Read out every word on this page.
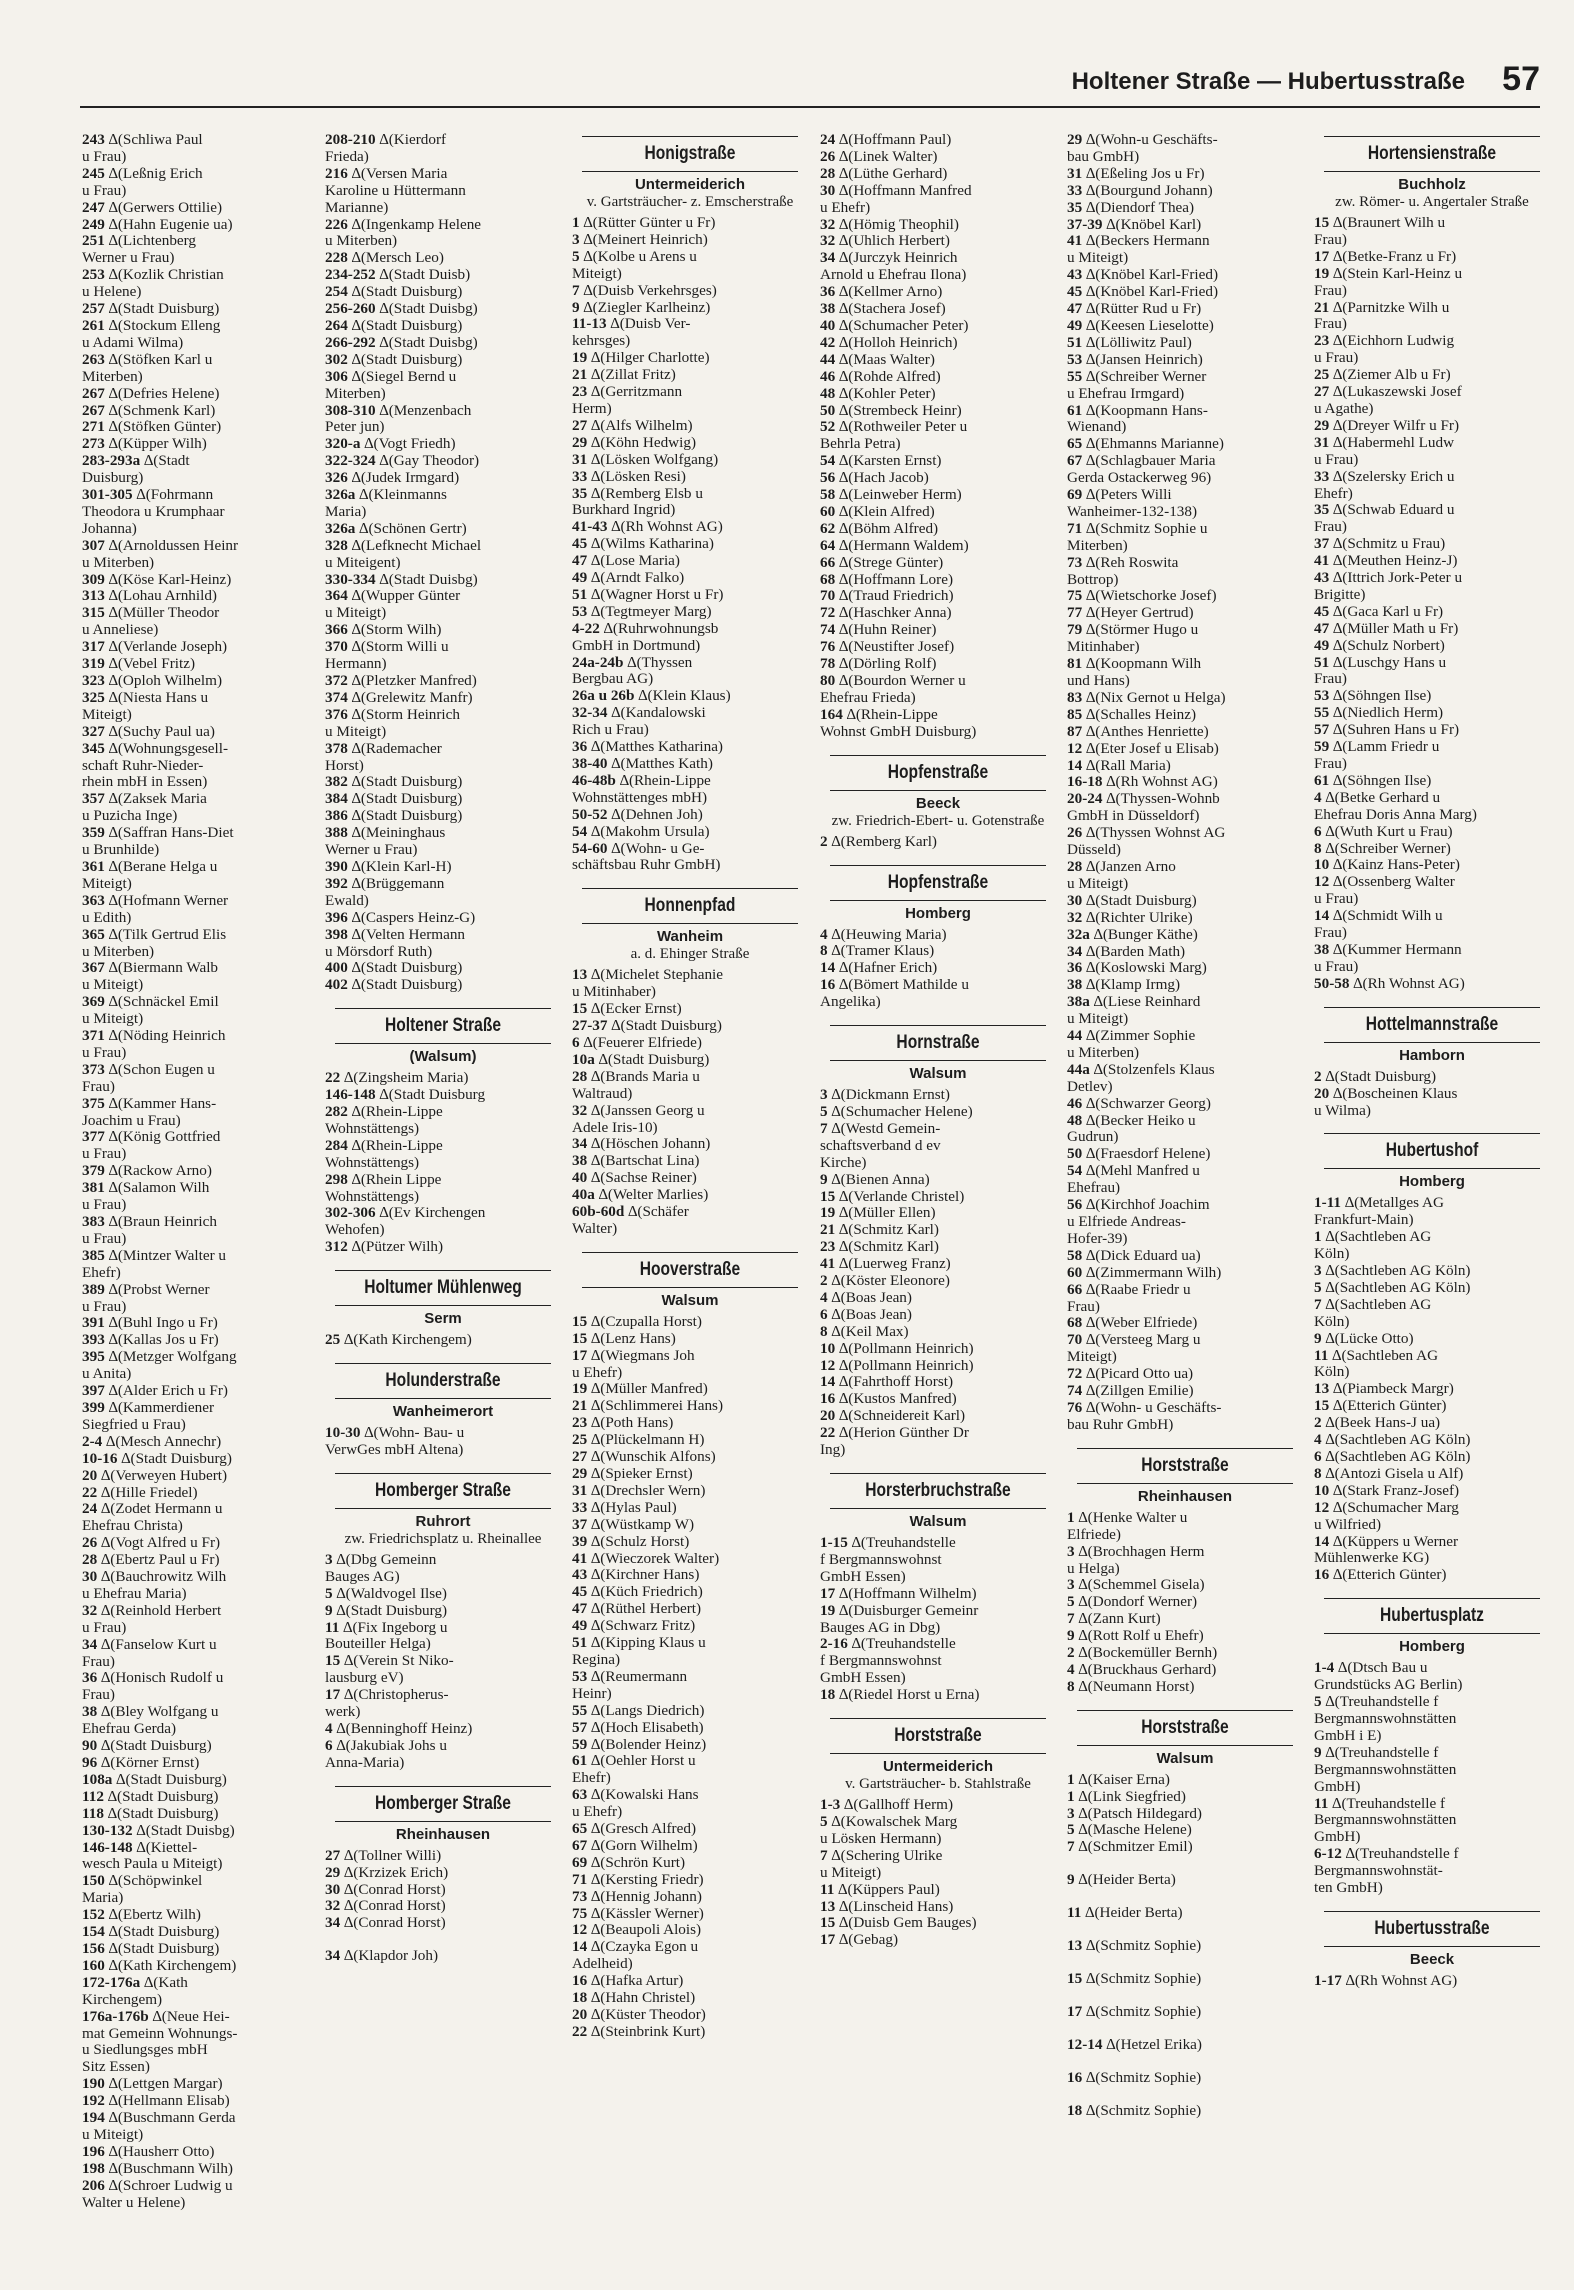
Holtener Straße — Hubertusstraße 57
243 ∆(Schliwa Paul
u Frau)
245 ∆(Leßnig Erich
u Frau)
247 ∆(Gerwers Ottilie)
249 ∆(Hahn Eugenie ua)
251 ∆(Lichtenberg
Werner u Frau)
253 ∆(Kozlik Christian
u Helene)
257 ∆(Stadt Duisburg)
261 ∆(Stockum Elleng
u Adami Wilma)
263 ∆(Stöfken Karl u
Miterben)
267 ∆(Defries Helene)
267 ∆(Schmenk Karl)
271 ∆(Stöfken Günter)
273 ∆(Küpper Wilh)
283-293a ∆(Stadt
Duisburg)
301-305 ∆(Fohrmann
Theodora u Krumphaar
Johanna)
307 ∆(Arnoldussen Heinr
u Miterben)
309 ∆(Köse Karl-Heinz)
313 ∆(Lohau Arnhild)
315 ∆(Müller Theodor
u Anneliese)
317 ∆(Verlande Joseph)
319 ∆(Vebel Fritz)
323 ∆(Oploh Wilhelm)
325 ∆(Niesta Hans u
Miteigt)
327 ∆(Suchy Paul ua)
345 ∆(Wohnungsgesell-
schaft Ruhr-Nieder-
rhein mbH in Essen)
357 ∆(Zaksek Maria
u Puzicha Inge)
359 ∆(Saffran Hans-Diet
u Brunhilde)
361 ∆(Berane Helga u
Miteigt)
363 ∆(Hofmann Werner
u Edith)
365 ∆(Tilk Gertrud Elis
u Miterben)
367 ∆(Biermann Walb
u Miteigt)
369 ∆(Schnäckel Emil
u Miteigt)
371 ∆(Nöding Heinrich
u Frau)
373 ∆(Schon Eugen u
Frau)
375 ∆(Kammer Hans-
Joachim u Frau)
377 ∆(König Gottfried
u Frau)
379 ∆(Rackow Arno)
381 ∆(Salamon Wilh
u Frau)
383 ∆(Braun Heinrich
u Frau)
385 ∆(Mintzer Walter u
Ehefr)
389 ∆(Probst Werner
u Frau)
391 ∆(Buhl Ingo u Fr)
393 ∆(Kallas Jos u Fr)
395 ∆(Metzger Wolfgang
u Anita)
397 ∆(Alder Erich u Fr)
399 ∆(Kammerdiener
Siegfried u Frau)
2-4 ∆(Mesch Annechr)
10-16 ∆(Stadt Duisburg)
20 ∆(Verweyen Hubert)
22 ∆(Hille Friedel)
24 ∆(Zodet Hermann u
Ehefrau Christa)
26 ∆(Vogt Alfred u Fr)
28 ∆(Ebertz Paul u Fr)
30 ∆(Bauchrowitz Wilh
u Ehefrau Maria)
32 ∆(Reinhold Herbert
u Frau)
34 ∆(Fanselow Kurt u
Frau)
36 ∆(Honisch Rudolf u
Frau)
38 ∆(Bley Wolfgang u
Ehefrau Gerda)
90 ∆(Stadt Duisburg)
96 ∆(Körner Ernst)
108a ∆(Stadt Duisburg)
112 ∆(Stadt Duisburg)
118 ∆(Stadt Duisburg)
130-132 ∆(Stadt Duisbg)
146-148 ∆(Kiettel-
wesch Paula u Miteigt)
150 ∆(Schöpwinkel
Maria)
152 ∆(Ebertz Wilh)
154 ∆(Stadt Duisburg)
156 ∆(Stadt Duisburg)
160 ∆(Kath Kirchengem)
172-176a ∆(Kath
Kirchengem)
176a-176b ∆(Neue Hei-
mat Gemeinn Wohnungs-
u Siedlungsges mbH
Sitz Essen)
190 ∆(Lettgen Margar)
192 ∆(Hellmann Elisab)
194 ∆(Buschmann Gerda
u Miteigt)
196 ∆(Hausherr Otto)
198 ∆(Buschmann Wilh)
206 ∆(Schroer Ludwig u
Walter u Helene)
208-210 ∆(Kierdorf
Frieda)
216 ∆(Versen Maria
Karoline u Hüttermann
Marianne)
226 ∆(Ingenkamp Helene
u Miterben)
228 ∆(Mersch Leo)
234-252 ∆(Stadt Duisb)
254 ∆(Stadt Duisburg)
256-260 ∆(Stadt Duisbg)
264 ∆(Stadt Duisburg)
266-292 ∆(Stadt Duisbg)
302 ∆(Stadt Duisburg)
306 ∆(Siegel Bernd u
Miterben)
308-310 ∆(Menzenbach
Peter jun)
320-a ∆(Vogt Friedh)
322-324 ∆(Gay Theodor)
326 ∆(Judek Irmgard)
326a ∆(Kleinmanns
Maria)
326a ∆(Schönen Gertr)
328 ∆(Lefknecht Michael
u Miteigent)
330-334 ∆(Stadt Duisbg)
364 ∆(Wupper Günter
u Miteigt)
366 ∆(Storm Wilh)
370 ∆(Storm Willi u
Hermann)
372 ∆(Pletzker Manfred)
374 ∆(Grelewitz Manfr)
376 ∆(Storm Heinrich
u Miteigt)
378 ∆(Rademacher
Horst)
382 ∆(Stadt Duisburg)
384 ∆(Stadt Duisburg)
386 ∆(Stadt Duisburg)
388 ∆(Meininghaus
Werner u Frau)
390 ∆(Klein Karl-H)
392 ∆(Brüggemann
Ewald)
396 ∆(Caspers Heinz-G)
398 ∆(Velten Hermann
u Mörsdorf Ruth)
400 ∆(Stadt Duisburg)
402 ∆(Stadt Duisburg)
Holtener Straße
(Walsum)
22 ∆(Zingsheim Maria)
146-148 ∆(Stadt Duisburg
282 ∆(Rhein-Lippe
Wohnstättengs)
284 ∆(Rhein-Lippe
Wohnstättengs)
298 ∆(Rhein Lippe
Wohnstättengs)
302-306 ∆(Ev Kirchengen
Wehofen)
312 ∆(Pützer Wilh)
Holtumer Mühlenweg
Serm
25 ∆(Kath Kirchengem)
Holunderstraße
Wanheimerort
10-30 ∆(Wohn- Bau- u
VerwGes mbH Altena)
Homberger Straße
Ruhrort
zw. Friedrichsplatz u. Rheinallee
3 ∆(Dbg Gemeinn
Bauges AG)
5 ∆(Waldvogel Ilse)
9 ∆(Stadt Duisburg)
11 ∆(Fix Ingeborg u
Bouteiller Helga)
15 ∆(Verein St Niko-
lausburg eV)
17 ∆(Christopherus-
werk)
4 ∆(Benninghoff Heinz)
6 ∆(Jakubiak Johs u
Anna-Maria)
Homberger Straße
Rheinhausen
27 ∆(Tollner Willi)
29 ∆(Krzizek Erich)
30 ∆(Conrad Horst)
32 ∆(Conrad Horst)
34 ∆(Conrad Horst)
34 ∆(Klapdor Joh)
Honigstraße
Untermeiderich
v. Gartsträucher- z. Emscherstraße
1 ∆(Rütter Günter u Fr)
3 ∆(Meinert Heinrich)
5 ∆(Kolbe u Arens u
Miteigt)
7 ∆(Duisb Verkehrsges)
9 ∆(Ziegler Karlheinz)
11-13 ∆(Duisb Ver-
kehrsges)
19 ∆(Hilger Charlotte)
21 ∆(Zillat Fritz)
23 ∆(Gerritzmann
Herm)
27 ∆(Alfs Wilhelm)
29 ∆(Köhn Hedwig)
31 ∆(Lösken Wolfgang)
33 ∆(Lösken Resi)
35 ∆(Remberg Elsb u
Burkhard Ingrid)
41-43 ∆(Rh Wohnst AG)
45 ∆(Wilms Katharina)
47 ∆(Lose Maria)
49 ∆(Arndt Falko)
51 ∆(Wagner Horst u Fr)
53 ∆(Tegtmeyer Marg)
4-22 ∆(Ruhrwohnungsb
GmbH in Dortmund)
24a-24b ∆(Thyssen
Bergbau AG)
26a u 26b ∆(Klein Klaus)
32-34 ∆(Kandalowski
Rich u Frau)
36 ∆(Matthes Katharina)
38-40 ∆(Matthes Kath)
46-48b ∆(Rhein-Lippe
Wohnstättenges mbH)
50-52 ∆(Dehnen Joh)
54 ∆(Makohm Ursula)
54-60 ∆(Wohn- u Ge-
schäftsbau Ruhr GmbH)
Honnenpfad
Wanheim
a. d. Ehinger Straße
13 ∆(Michelet Stephanie
u Mitinhaber)
15 ∆(Ecker Ernst)
27-37 ∆(Stadt Duisburg)
6 ∆(Feuerer Elfriede)
10a ∆(Stadt Duisburg)
28 ∆(Brands Maria u
Waltraud)
32 ∆(Janssen Georg u
Adele Iris-10)
34 ∆(Höschen Johann)
38 ∆(Bartschat Lina)
40 ∆(Sachse Reiner)
40a ∆(Welter Marlies)
60b-60d ∆(Schäfer
Walter)
Hooverstraße
Walsum
15 ∆(Czupalla Horst)
15 ∆(Lenz Hans)
17 ∆(Wiegmans Joh
u Ehefr)
19 ∆(Müller Manfred)
21 ∆(Schlimmerei Hans)
23 ∆(Poth Hans)
25 ∆(Plückelmann H)
27 ∆(Wunschik Alfons)
29 ∆(Spieker Ernst)
31 ∆(Drechsler Wern)
33 ∆(Hylas Paul)
37 ∆(Wüstkamp W)
39 ∆(Schulz Horst)
41 ∆(Wieczorek Walter)
43 ∆(Kirchner Hans)
45 ∆(Küch Friedrich)
47 ∆(Rüthel Herbert)
49 ∆(Schwarz Fritz)
51 ∆(Kipping Klaus u
Regina)
53 ∆(Reumermann
Heinr)
55 ∆(Langs Diedrich)
57 ∆(Hoch Elisabeth)
59 ∆(Bolender Heinz)
61 ∆(Oehler Horst u
Ehefr)
63 ∆(Kowalski Hans
u Ehefr)
65 ∆(Gresch Alfred)
67 ∆(Gorn Wilhelm)
69 ∆(Schrön Kurt)
71 ∆(Kersting Friedr)
73 ∆(Hennig Johann)
75 ∆(Kässler Werner)
12 ∆(Beaupoli Alois)
14 ∆(Czayka Egon u
Adelheid)
16 ∆(Hafka Artur)
18 ∆(Hahn Christel)
20 ∆(Küster Theodor)
22 ∆(Steinbrink Kurt)
24 ∆(Hoffmann Paul)
26 ∆(Linek Walter)
28 ∆(Lüthe Gerhard)
30 ∆(Hoffmann Manfred
u Ehefr)
32 ∆(Hömig Theophil)
32 ∆(Uhlich Herbert)
34 ∆(Jurczyk Heinrich
Arnold u Ehefrau Ilona)
36 ∆(Kellmer Arno)
38 ∆(Stachera Josef)
40 ∆(Schumacher Peter)
42 ∆(Holloh Heinrich)
44 ∆(Maas Walter)
46 ∆(Rohde Alfred)
48 ∆(Kohler Peter)
50 ∆(Strembeck Heinr)
52 ∆(Rothweiler Peter u
Behrla Petra)
54 ∆(Karsten Ernst)
56 ∆(Hach Jacob)
58 ∆(Leinweber Herm)
60 ∆(Klein Alfred)
62 ∆(Böhm Alfred)
64 ∆(Hermann Waldem)
66 ∆(Strege Günter)
68 ∆(Hoffmann Lore)
70 ∆(Traud Friedrich)
72 ∆(Haschker Anna)
74 ∆(Huhn Reiner)
76 ∆(Neustifter Josef)
78 ∆(Dörling Rolf)
80 ∆(Bourdon Werner u
Ehefrau Frieda)
164 ∆(Rhein-Lippe
Wohnst GmbH Duisburg)
Hopfenstraße
Beeck
zw. Friedrich-Ebert- u. Gotenstraße
2 ∆(Remberg Karl)
Hopfenstraße
Homberg
4 ∆(Heuwing Maria)
8 ∆(Tramer Klaus)
14 ∆(Hafner Erich)
16 ∆(Bömert Mathilde u
Angelika)
Hornstraße
Walsum
3 ∆(Dickmann Ernst)
5 ∆(Schumacher Helene)
7 ∆(Westd Gemein-
schaftsverband d ev
Kirche)
9 ∆(Bienen Anna)
15 ∆(Verlande Christel)
19 ∆(Müller Ellen)
21 ∆(Schmitz Karl)
23 ∆(Schmitz Karl)
41 ∆(Luerweg Franz)
2 ∆(Köster Eleonore)
4 ∆(Boas Jean)
6 ∆(Boas Jean)
8 ∆(Keil Max)
10 ∆(Pollmann Heinrich)
12 ∆(Pollmann Heinrich)
14 ∆(Fahrthoff Horst)
16 ∆(Kustos Manfred)
20 ∆(Schneidereit Karl)
22 ∆(Herion Günther Dr
Ing)
Horsterbruchstraße
Walsum
1-15 ∆(Treuhandstelle
f Bergmannswohnst
GmbH Essen)
17 ∆(Hoffmann Wilhelm)
19 ∆(Duisburger Gemeinr
Bauges AG in Dbg)
2-16 ∆(Treuhandstelle
f Bergmannswohnst
GmbH Essen)
18 ∆(Riedel Horst u Erna)
Horststraße
Untermeiderich
v. Gartsträucher- b. Stahlstraße
1-3 ∆(Gallhoff Herm)
5 ∆(Kowalschek Marg
u Lösken Hermann)
7 ∆(Schering Ulrike
u Miteigt)
11 ∆(Küppers Paul)
13 ∆(Linscheid Hans)
15 ∆(Duisb Gem Bauges)
17 ∆(Gebag)
29 ∆(Wohn-u Geschäfts-
bau GmbH)
31 ∆(Eßeling Jos u Fr)
33 ∆(Bourgund Johann)
35 ∆(Diendorf Thea)
37-39 ∆(Knöbel Karl)
41 ∆(Beckers Hermann
u Miteigt)
43 ∆(Knöbel Karl-Fried)
45 ∆(Knöbel Karl-Fried)
47 ∆(Rütter Rud u Fr)
49 ∆(Keesen Lieselotte)
51 ∆(Lölliwitz Paul)
53 ∆(Jansen Heinrich)
55 ∆(Schreiber Werner
u Ehefrau Irmgard)
61 ∆(Koopmann Hans-
Wienand)
65 ∆(Ehmanns Marianne)
67 ∆(Schlagbauer Maria
Gerda Ostackerweg 96)
69 ∆(Peters Willi
Wanheimer-132-138)
71 ∆(Schmitz Sophie u
Miterben)
73 ∆(Reh Roswita
Bottrop)
75 ∆(Wietschorke Josef)
77 ∆(Heyer Gertrud)
79 ∆(Störmer Hugo u
Mitinhaber)
81 ∆(Koopmann Wilh
und Hans)
83 ∆(Nix Gernot u Helga)
85 ∆(Schalles Heinz)
87 ∆(Anthes Henriette)
12 ∆(Eter Josef u Elisab)
14 ∆(Rall Maria)
16-18 ∆(Rh Wohnst AG)
20-24 ∆(Thyssen-Wohnb
GmbH in Düsseldorf)
26 ∆(Thyssen Wohnst AG
Düsseld)
28 ∆(Janzen Arno
u Miteigt)
30 ∆(Stadt Duisburg)
32 ∆(Richter Ulrike)
32a ∆(Bunger Käthe)
34 ∆(Barden Math)
36 ∆(Koslowski Marg)
38 ∆(Klamp Irmg)
38a ∆(Liese Reinhard
u Miteigt)
44 ∆(Zimmer Sophie
u Miterben)
44a ∆(Stolzenfels Klaus
Detlev)
46 ∆(Schwarzer Georg)
48 ∆(Becker Heiko u
Gudrun)
50 ∆(Fraesdorf Helene)
54 ∆(Mehl Manfred u
Ehefrau)
56 ∆(Kirchhof Joachim
u Elfriede Andreas-
Hofer-39)
58 ∆(Dick Eduard ua)
60 ∆(Zimmermann Wilh)
66 ∆(Raabe Friedr u
Frau)
68 ∆(Weber Elfriede)
70 ∆(Versteeg Marg u
Miteigt)
72 ∆(Picard Otto ua)
74 ∆(Zillgen Emilie)
76 ∆(Wohn- u Geschäfts-
bau Ruhr GmbH)
Horststraße
Rheinhausen
1 ∆(Henke Walter u
Elfriede)
3 ∆(Brochhagen Herm
u Helga)
3 ∆(Schemmel Gisela)
5 ∆(Dondorf Werner)
7 ∆(Zann Kurt)
9 ∆(Rott Rolf u Ehefr)
2 ∆(Bockemüller Bernh)
4 ∆(Bruckhaus Gerhard)
8 ∆(Neumann Horst)
Horststraße
Walsum
1 ∆(Kaiser Erna)
1 ∆(Link Siegfried)
3 ∆(Patsch Hildegard)
5 ∆(Masche Helene)
7 ∆(Schmitzer Emil)
9 ∆(Heider Berta)
11 ∆(Heider Berta)
13 ∆(Schmitz Sophie)
15 ∆(Schmitz Sophie)
17 ∆(Schmitz Sophie)
12-14 ∆(Hetzel Erika)
16 ∆(Schmitz Sophie)
18 ∆(Schmitz Sophie)
Hortensienstraße
Buchholz
zw. Römer- u. Angertaler Straße
15 ∆(Braunert Wilh u
Frau)
17 ∆(Betke-Franz u Fr)
19 ∆(Stein Karl-Heinz u
Frau)
21 ∆(Parnitzke Wilh u
Frau)
23 ∆(Eichhorn Ludwig
u Frau)
25 ∆(Ziemer Alb u Fr)
27 ∆(Lukaszewski Josef
u Agathe)
29 ∆(Dreyer Wilfr u Fr)
31 ∆(Habermehl Ludw
u Frau)
33 ∆(Szelersky Erich u
Ehefr)
35 ∆(Schwab Eduard u
Frau)
37 ∆(Schmitz u Frau)
41 ∆(Meuthen Heinz-J)
43 ∆(Ittrich Jork-Peter u
Brigitte)
45 ∆(Gaca Karl u Fr)
47 ∆(Müller Math u Fr)
49 ∆(Schulz Norbert)
51 ∆(Luschgy Hans u
Frau)
53 ∆(Söhngen Ilse)
55 ∆(Niedlich Herm)
57 ∆(Suhren Hans u Fr)
59 ∆(Lamm Friedr u
Frau)
61 ∆(Söhngen Ilse)
4 ∆(Betke Gerhard u
Ehefrau Doris Anna Marg)
6 ∆(Wuth Kurt u Frau)
8 ∆(Schreiber Werner)
10 ∆(Kainz Hans-Peter)
12 ∆(Ossenberg Walter
u Frau)
14 ∆(Schmidt Wilh u
Frau)
38 ∆(Kummer Hermann
u Frau)
50-58 ∆(Rh Wohnst AG)
Hottelmannstraße
Hamborn
2 ∆(Stadt Duisburg)
20 ∆(Boscheinen Klaus
u Wilma)
Hubertushof
Homberg
1-11 ∆(Metallges AG
Frankfurt-Main)
1 ∆(Sachtleben AG
Köln)
3 ∆(Sachtleben AG Köln)
5 ∆(Sachtleben AG Köln)
7 ∆(Sachtleben AG
Köln)
9 ∆(Lücke Otto)
11 ∆(Sachtleben AG
Köln)
13 ∆(Piambeck Margr)
15 ∆(Etterich Günter)
2 ∆(Beek Hans-J ua)
4 ∆(Sachtleben AG Köln)
6 ∆(Sachtleben AG Köln)
8 ∆(Antozi Gisela u Alf)
10 ∆(Stark Franz-Josef)
12 ∆(Schumacher Marg
u Wilfried)
14 ∆(Küppers u Werner
Mühlenwerke KG)
16 ∆(Etterich Günter)
Hubertusplatz
Homberg
1-4 ∆(Dtsch Bau u
Grundstücks AG Berlin)
5 ∆(Treuhandstelle f
Bergmannswohnstätten
GmbH i E)
9 ∆(Treuhandstelle f
Bergmannswohnstätten
GmbH)
11 ∆(Treuhandstelle f
Bergmannswohnstätten
GmbH)
6-12 ∆(Treuhandstelle f
Bergmannswohnstät-
ten GmbH)
Hubertusstraße
Beeck
1-17 ∆(Rh Wohnst AG)
